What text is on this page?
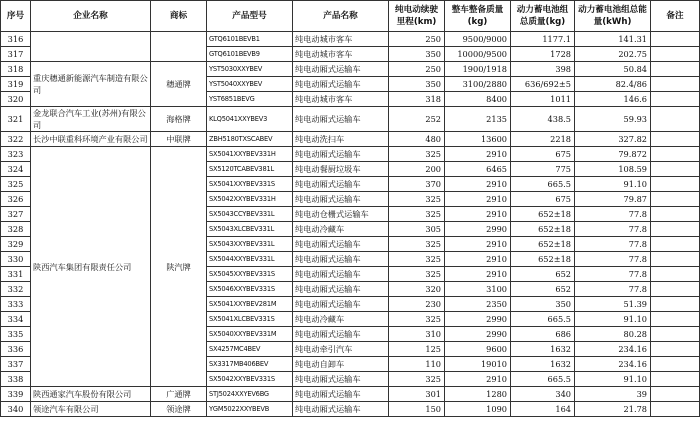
序号	企业名称	商标	产品型号	产品名称	纯电动续驶里程(km)	整车整备质量(kg)	动力蓄电池组总质量(kg)	动力蓄电池组总能量(kWh)	备注
316			GTQ6101BEVB1	纯电动城市客车	250	9500/9000	1177.1	141.31	
317			GTQ6101BEVB9	纯电动城市客车	350	10000/9500	1728	202.75	
318	重庆穗通新能源汽车制造有限公司	穗通牌	YST5030XXYBEV	纯电动厢式运输车	250	1900/1918	398	50.84	
319			YST5040XXYBEV	纯电动厢式运输车	350	3100/2880	636/692±5	82.4/86	
320			YST6851BEVG	纯电动城市客车	318	8400	1011	146.6	
321	金龙联合汽车工业(苏州)有限公司	海格牌	KLQ5041XXYBEV3	纯电动厢式运输车	252	2135	438.5	59.93	
322	长沙中联重科环境产业有限公司	中联牌	ZBH5180TXSCABEV	纯电动洗扫车	480	13600	2218	327.82	
323	陕西汽车集团有限责任公司	陕汽牌	SX5041XXYBEV331H	纯电动厢式运输车	325	2910	675	79.872	
324			SX5120TCABEV381L	纯电动餐厨垃圾车	200	6465	775	108.59	
325			SX5041XXYBEV331S	纯电动厢式运输车	370	2910	665.5	91.10	
326			SX5042XXYBEV331H	纯电动厢式运输车	325	2910	675	79.87	
327			SX5043CCYBEV331L	纯电动仓栅式运输车	325	2910	652±18	77.8	
328			SX5043XLCBEV331L	纯电动冷藏车	305	2990	652±18	77.8	
329			SX5043XXYBEV331L	纯电动厢式运输车	325	2910	652±18	77.8	
330			SX5044XXYBEV331L	纯电动厢式运输车	325	2910	652±18	77.8	
331			SX5045XXYBEV331S	纯电动厢式运输车	325	2910	652	77.8	
332			SX5046XXYBEV331S	纯电动厢式运输车	320	3100	652	77.8	
333			SX5041XXYBEV281M	纯电动厢式运输车	230	2350	350	51.39	
334			SX5041XLCBEV331S	纯电动冷藏车	325	2990	665.5	91.10	
335			SX5040XXYBEV331M	纯电动厢式运输车	310	2990	686	80.28	
336			SX4257MC4BEV	纯电动牵引汽车	125	9600	1632	234.16	
337			SX3317MB406BEV	纯电动自卸车	110	19010	1632	234.16	
338			SX5042XXYBEV331S	纯电动厢式运输车	325	2910	665.5	91.10	
339	陕西通家汽车股份有限公司	广通牌	STJ5024XXYEV6BG	纯电动厢式运输车	301	1280	340	39	
340	领途汽车有限公司	领途牌	YGM5022XXYBEVB	纯电动厢式运输车	150	1090	164	21.78	
